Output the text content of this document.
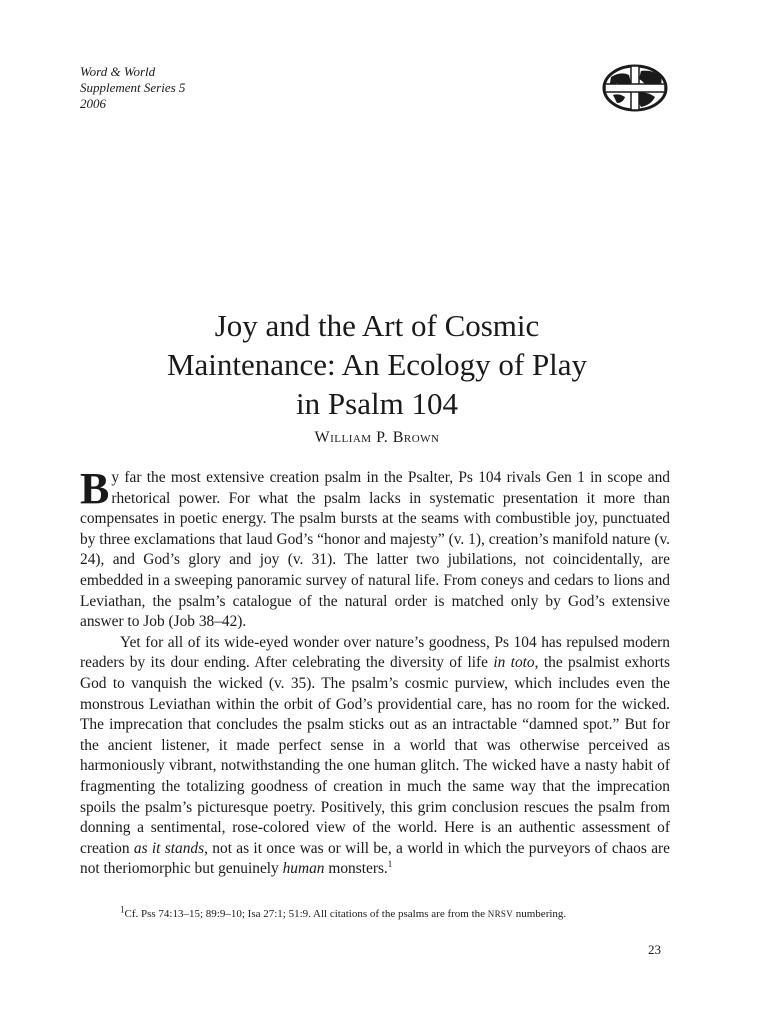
Word & World
Supplement Series 5
2006
Joy and the Art of Cosmic
Maintenance: An Ecology of Play
in Psalm 104
William P. Brown

By far the most extensive creation psalm in the Psalter, Ps 104 rivals Gen 1 in scope and rhetorical power. For what the psalm lacks in systematic presentation it more than compensates in poetic energy. The psalm bursts at the seams with combustible joy, punctuated by three exclamations that laud God’s “honor and majesty” (v. 1), creation’s manifold nature (v. 24), and God’s glory and joy (v. 31). The latter two jubilations, not coincidentally, are embedded in a sweeping panoramic survey of natural life. From coneys and cedars to lions and Leviathan, the psalm’s catalogue of the natural order is matched only by God’s extensive answer to Job (Job 38–42).

Yet for all of its wide-eyed wonder over nature’s goodness, Ps 104 has repulsed modern readers by its dour ending. After celebrating the diversity of life in toto, the psalmist exhorts God to vanquish the wicked (v. 35). The psalm’s cosmic purview, which includes even the monstrous Leviathan within the orbit of God’s providential care, has no room for the wicked. The imprecation that concludes the psalm sticks out as an intractable “damned spot.” But for the ancient listener, it made perfect sense in a world that was otherwise perceived as harmoniously vibrant, notwithstanding the one human glitch. The wicked have a nasty habit of fragmenting the totalizing goodness of creation in much the same way that the imprecation spoils the psalm’s picturesque poetry. Positively, this grim conclusion rescues the psalm from donning a sentimental, rose-colored view of the world. Here is an authentic assessment of creation as it stands, not as it once was or will be, a world in which the purveyors of chaos are not theriomorphic but genuinely human monsters.$^1$

$^1$Cf. Pss 74:13–15; 89:9–10; Isa 27:1; 51:9. All citations of the psalms are from the NRSV numbering.
23
